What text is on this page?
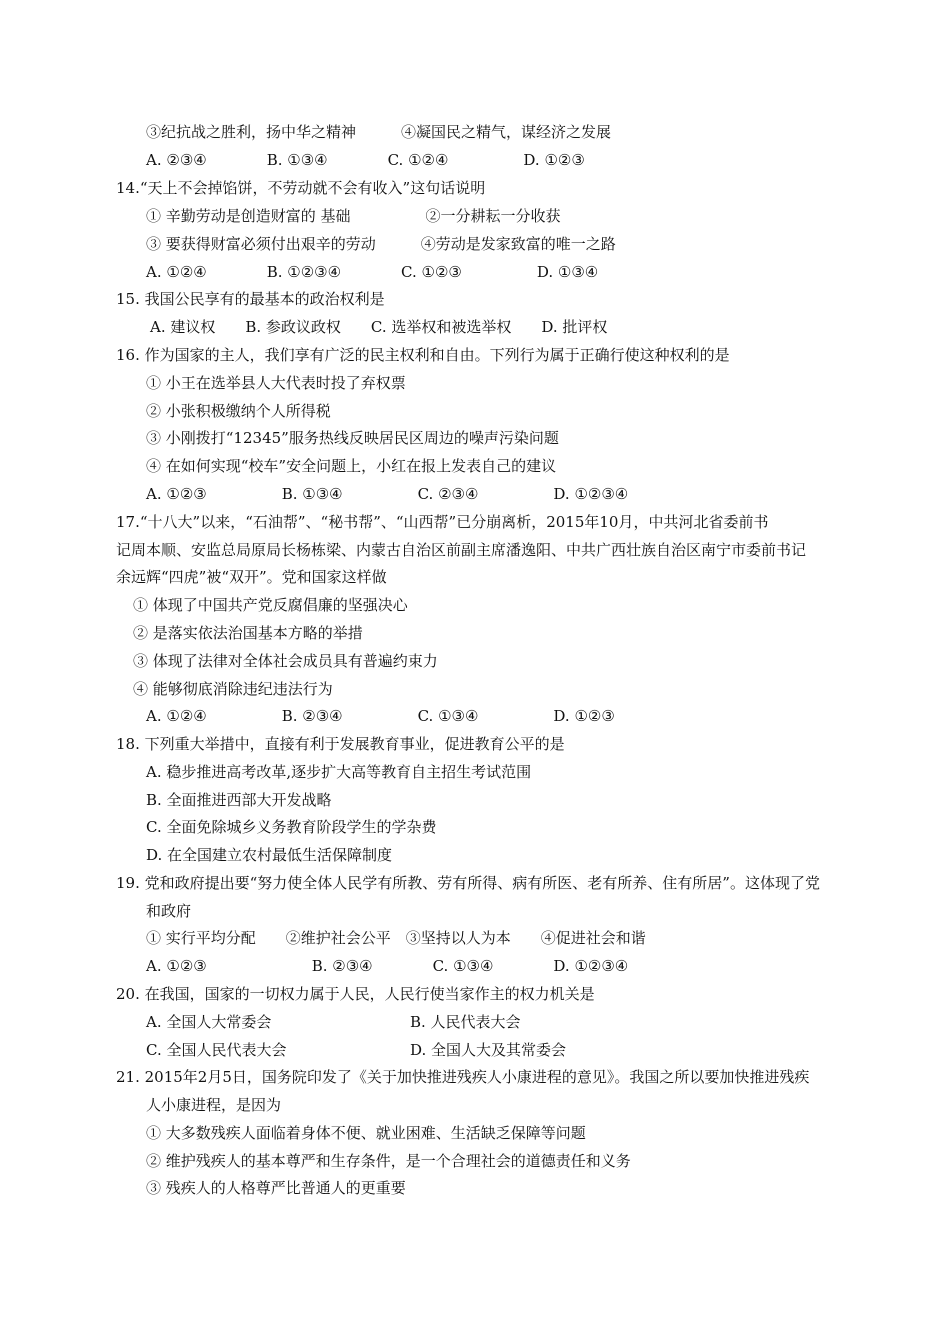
③纪抗战之胜利，扬中华之精神　　　④凝国民之精气，谋经济之发展
A. ②③④　　　　B. ①③④　　　　C. ①②④　　　　　D. ①②③
14.“天上不会掉馅饼，不劳动就不会有收入”这句话说明
① 辛勤劳动是创造财富的 基础　　　　　②一分耕耘一分收获
③ 要获得财富必须付出艰辛的劳动　　　④劳动是发家致富的唯一之路
A. ①②④　　　　B. ①②③④　　　　C. ①②③　　　　　D. ①③④
15. 我国公民享有的最基本的政治权利是
A. 建议权　　B. 参政议政权　　C. 选举权和被选举权　　D. 批评权
16. 作为国家的主人，我们享有广泛的民主权利和自由。下列行为属于正确行使这种权利的是
① 小王在选举县人大代表时投了弃权票
② 小张积极缴纳个人所得税
③ 小刚拨打“12345”服务热线反映居民区周边的噪声污染问题
④ 在如何实现“校车”安全问题上，小红在报上发表自己的建议
A. ①②③　　　　　B. ①③④　　　　　C. ②③④　　　　　D. ①②③④
17.“十八大”以来，“石油帮”、“秘书帮”、“山西帮”已分崩离析，2015年10月，中共河北省委前书
记周本顺、安监总局原局长杨栋梁、内蒙古自治区前副主席潘逸阳、中共广西壮族自治区南宁市委前书记
余远辉“四虎”被“双开”。党和国家这样做
① 体现了中国共产党反腐倡廉的坚强决心
② 是落实依法治国基本方略的举措
③ 体现了法律对全体社会成员具有普遍约束力
④ 能够彻底消除违纪违法行为
A. ①②④　　　　　B. ②③④　　　　　C. ①③④　　　　　D. ①②③
18. 下列重大举措中，直接有利于发展教育事业，促进教育公平的是
A. 稳步推进高考改革,逐步扩大高等教育自主招生考试范围
B. 全面推进西部大开发战略
C. 全面免除城乡义务教育阶段学生的学杂费
D. 在全国建立农村最低生活保障制度
19. 党和政府提出要“努力使全体人民学有所教、劳有所得、病有所医、老有所养、住有所居”。这体现了党
和政府
① 实行平均分配　　②维护社会公平　③坚持以人为本　　④促进社会和谐
A. ①②③　　　　　　　B. ②③④　　　　C. ①③④　　　　D. ①②③④
20. 在我国，国家的一切权力属于人民，人民行使当家作主的权力机关是
A. 全国人大常委会	B. 人民代表大会
C. 全国人民代表大会	D. 全国人大及其常委会
21. 2015年2月5日，国务院印发了《关于加快推进残疾人小康进程的意见》。我国之所以要加快推进残疾
人小康进程，是因为
① 大多数残疾人面临着身体不便、就业困难、生活缺乏保障等问题
② 维护残疾人的基本尊严和生存条件，是一个合理社会的道德责任和义务
③ 残疾人的人格尊严比普通人的更重要
